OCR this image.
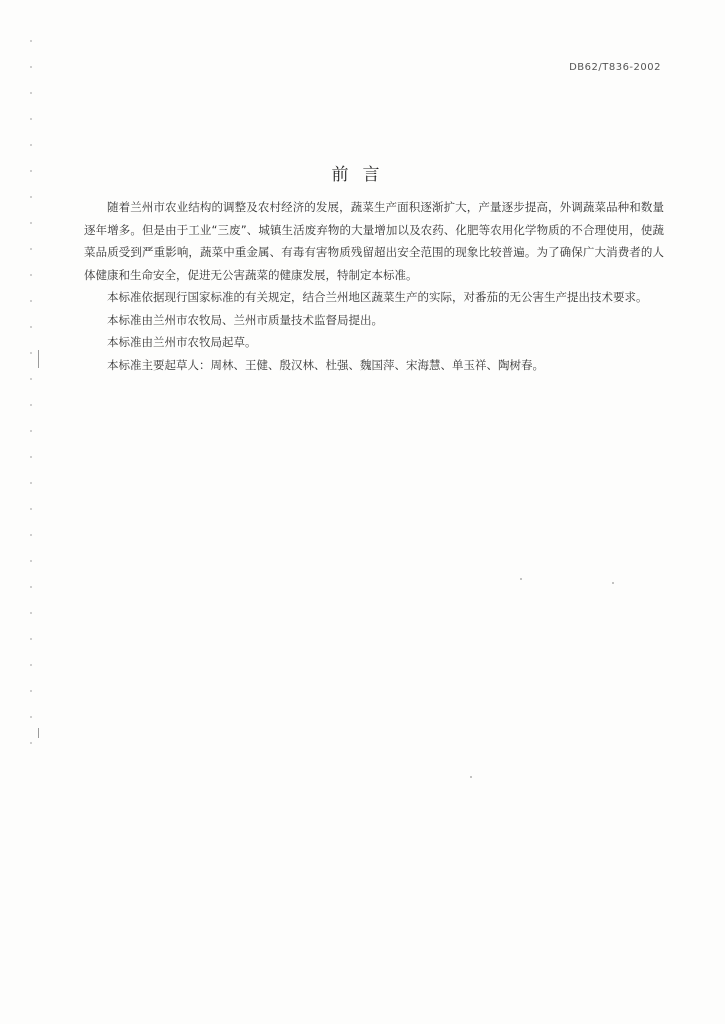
DB62/T836-2002
前言

随着兰州市农业结构的调整及农村经济的发展，蔬菜生产面积逐渐扩大，产量逐步提高，外调蔬菜品种和数量逐年增多。但是由于工业“三废”、城镇生活废弃物的大量增加以及农药、化肥等农用化学物质的不合理使用，使蔬菜品质受到严重影响，蔬菜中重金属、有毒有害物质残留超出安全范围的现象比较普遍。为了确保广大消费者的人体健康和生命安全，促进无公害蔬菜的健康发展，特制定本标准。

本标准依据现行国家标准的有关规定，结合兰州地区蔬菜生产的实际，对番茄的无公害生产提出技术要求。

本标准由兰州市农牧局、兰州市质量技术监督局提出。

本标准由兰州市农牧局起草。

本标准主要起草人：周林、王健、殷汉林、杜强、魏国萍、宋海慧、单玉祥、陶树春。
